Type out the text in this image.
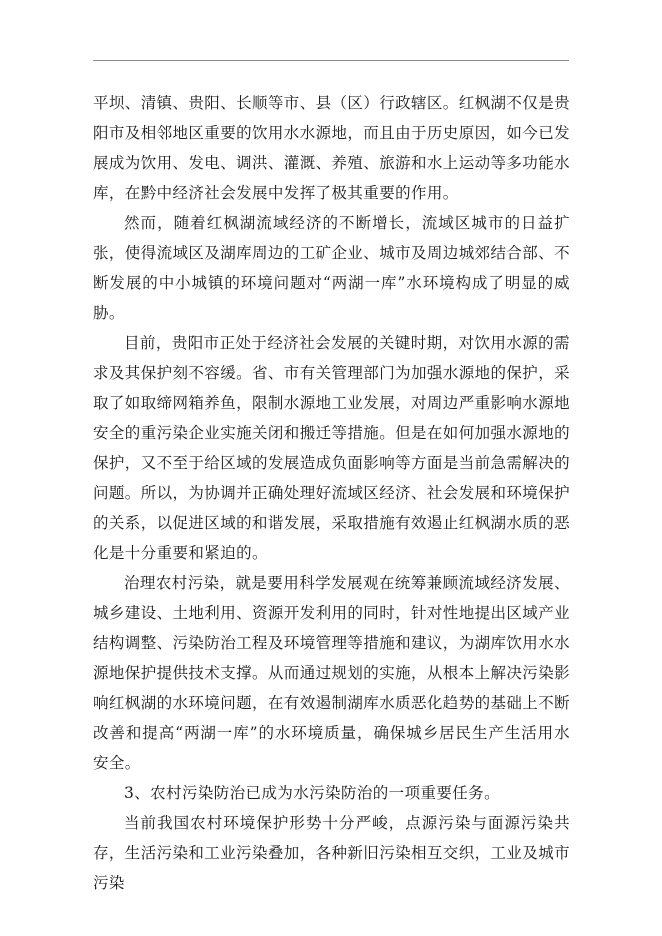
平坝、清镇、贵阳、长顺等市、县（区）行政辖区。红枫湖不仅是贵阳市及相邻地区重要的饮用水水源地，而且由于历史原因，如今已发展成为饮用、发电、调洪、灌溉、养殖、旅游和水上运动等多功能水库，在黔中经济社会发展中发挥了极其重要的作用。

然而，随着红枫湖流域经济的不断增长，流域区城市的日益扩张，使得流域区及湖库周边的工矿企业、城市及周边城郊结合部、不断发展的中小城镇的环境问题对“两湖一库”水环境构成了明显的威胁。

目前，贵阳市正处于经济社会发展的关键时期，对饮用水源的需求及其保护刻不容缓。省、市有关管理部门为加强水源地的保护，采取了如取缔网箱养鱼，限制水源地工业发展，对周边严重影响水源地安全的重污染企业实施关闭和搬迁等措施。但是在如何加强水源地的保护，又不至于给区域的发展造成负面影响等方面是当前急需解决的问题。所以，为协调并正确处理好流域区经济、社会发展和环境保护的关系，以促进区域的和谐发展，采取措施有效遏止红枫湖水质的恶化是十分重要和紧迫的。

治理农村污染，就是要用科学发展观在统筹兼顾流域经济发展、城乡建设、土地利用、资源开发利用的同时，针对性地提出区域产业结构调整、污染防治工程及环境管理等措施和建议，为湖库饮用水水源地保护提供技术支撑。从而通过规划的实施，从根本上解决污染影响红枫湖的水环境问题，在有效遏制湖库水质恶化趋势的基础上不断改善和提高“两湖一库”的水环境质量，确保城乡居民生产生活用水安全。

3、农村污染防治已成为水污染防治的一项重要任务。

当前我国农村环境保护形势十分严峻，点源污染与面源污染共存，生活污染和工业污染叠加，各种新旧污染相互交织，工业及城市污染
